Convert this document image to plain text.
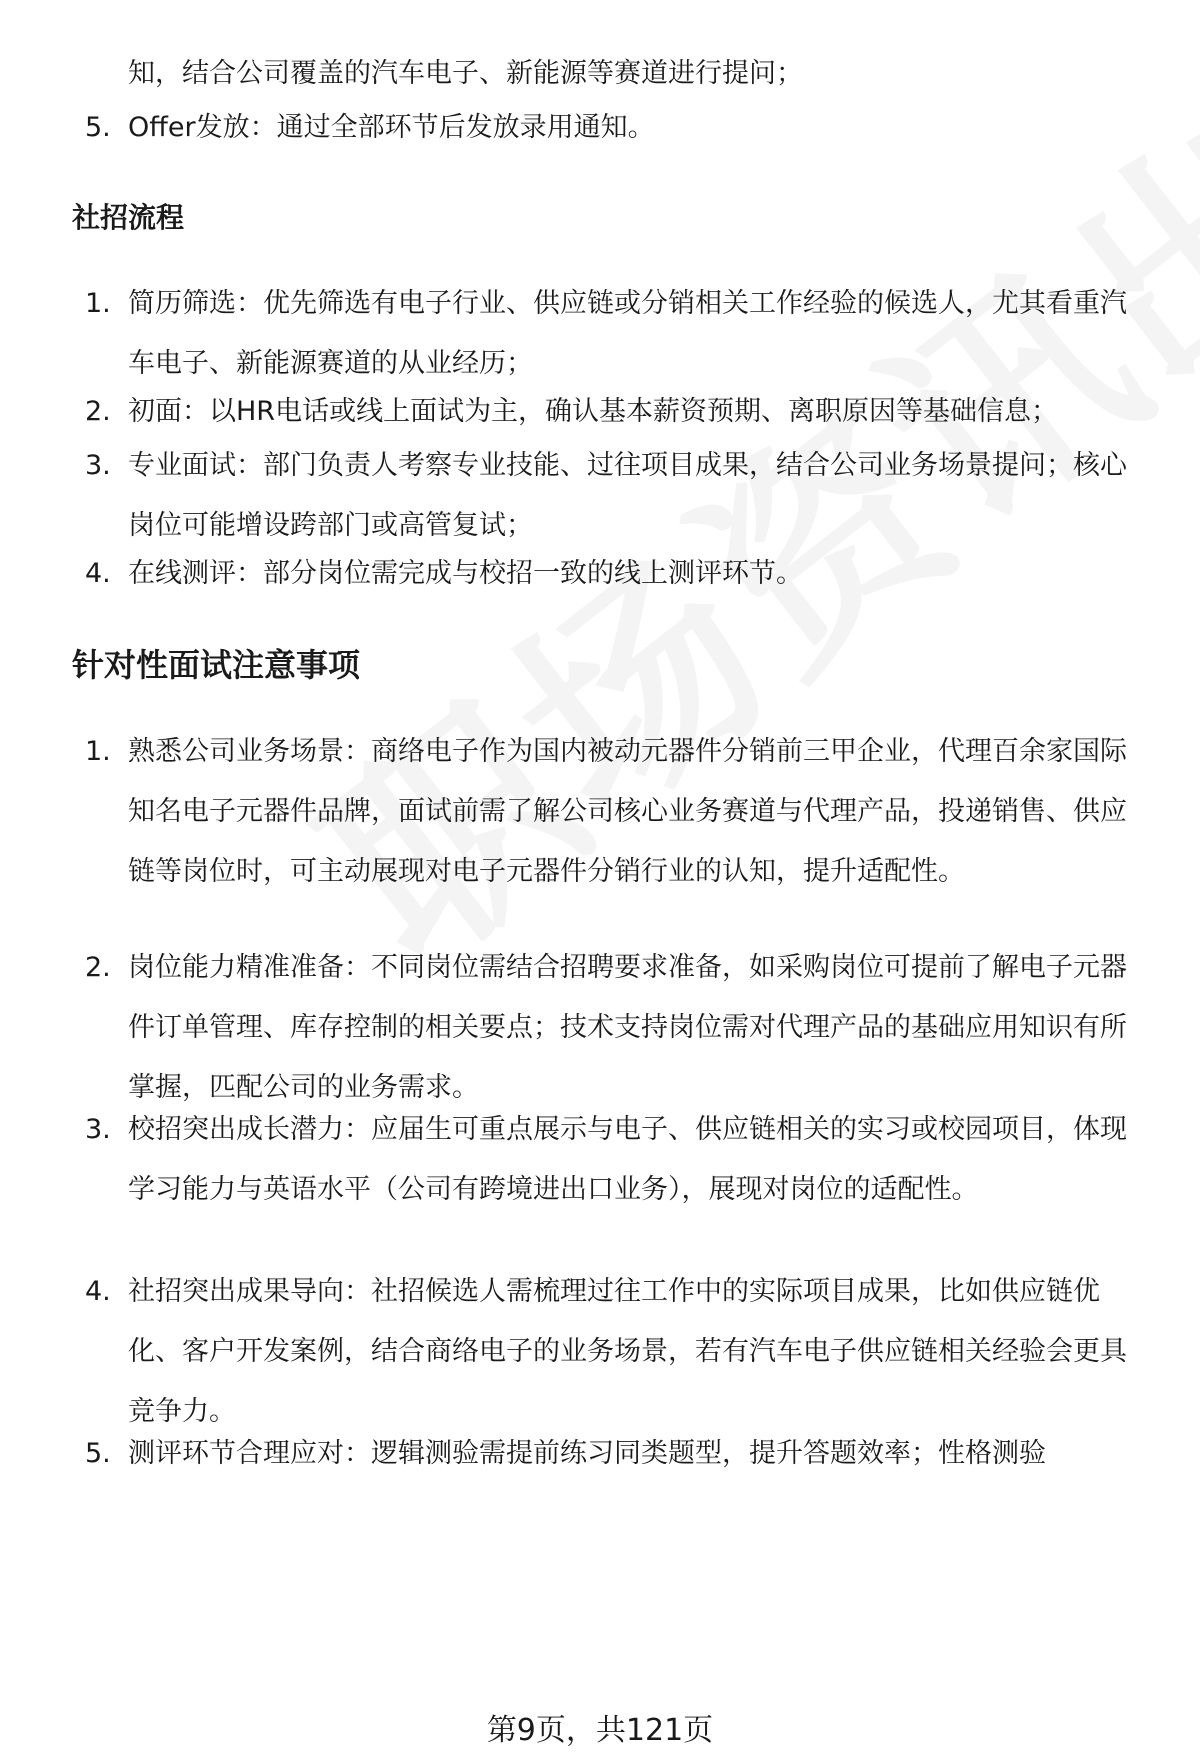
知，结合公司覆盖的汽车电子、新能源等赛道进行提问；
5. Offer发放：通过全部环节后发放录用通知。
社招流程
1. 简历筛选：优先筛选有电子行业、供应链或分销相关工作经验的候选人，尤其看重汽车电子、新能源赛道的从业经历；
2. 初面：以HR电话或线上面试为主，确认基本薪资预期、离职原因等基础信息；
3. 专业面试：部门负责人考察专业技能、过往项目成果，结合公司业务场景提问；核心岗位可能增设跨部门或高管复试；
4. 在线测评：部分岗位需完成与校招一致的线上测评环节。
针对性面试注意事项
1. 熟悉公司业务场景：商络电子作为国内被动元器件分销前三甲企业，代理百余家国际知名电子元器件品牌，面试前需了解公司核心业务赛道与代理产品，投递销售、供应链等岗位时，可主动展现对电子元器件分销行业的认知，提升适配性。
2. 岗位能力精准准备：不同岗位需结合招聘要求准备，如采购岗位可提前了解电子元器件订单管理、库存控制的相关要点；技术支持岗位需对代理产品的基础应用知识有所掌握，匹配公司的业务需求。
3. 校招突出成长潜力：应届生可重点展示与电子、供应链相关的实习或校园项目，体现学习能力与英语水平（公司有跨境进出口业务），展现对岗位的适配性。
4. 社招突出成果导向：社招候选人需梳理过往工作中的实际项目成果，比如供应链优化、客户开发案例，结合商络电子的业务场景，若有汽车电子供应链相关经验会更具竞争力。
5. 测评环节合理应对：逻辑测验需提前练习同类题型，提升答题效率；性格测验
第9页，共121页
